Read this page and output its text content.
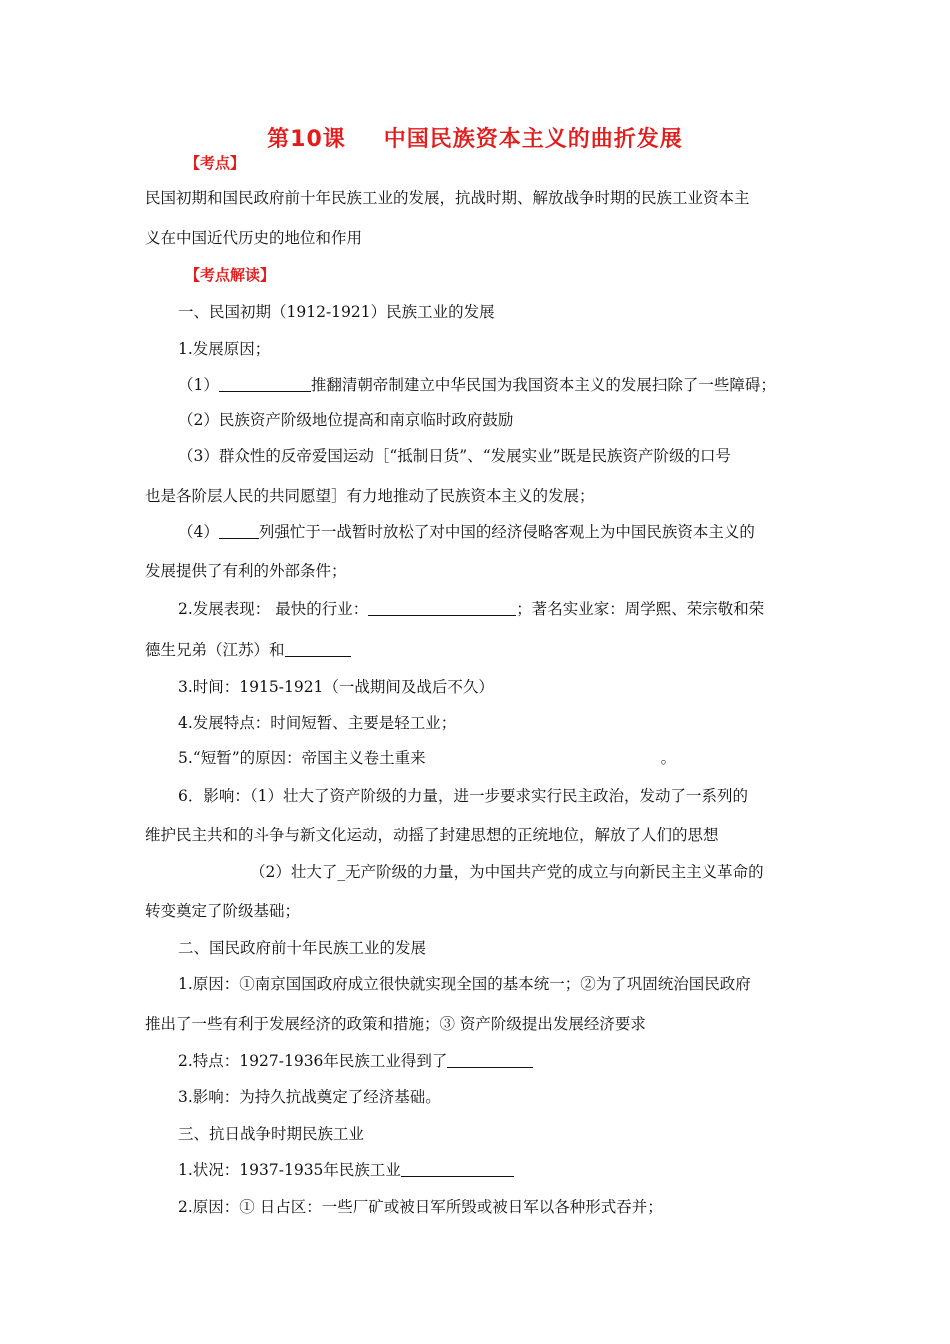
第10课 中国民族资本主义的曲折发展
【考点】
民国初期和国民政府前十年民族工业的发展，抗战时期、解放战争时期的民族工业资本主
义在中国近代历史的地位和作用
【考点解读】
一、民国初期（1912-1921）民族工业的发展
1.发展原因；
（1）	推翻清朝帝制建立中华民国为我国资本主义的发展扫除了一些障碍；
（2）民族资产阶级地位提高和南京临时政府鼓励
（3）群众性的反帝爱国运动［“抵制日货”、“发展实业”既是民族资产阶级的口号
也是各阶层人民的共同愿望］有力地推动了民族资本主义的发展；
（4）	列强忙于一战暂时放松了对中国的经济侵略客观上为中国民族资本主义的
发展提供了有利的外部条件；
2.发展表现： 最快的行业：	；著名实业家：周学熙、荣宗敬和荣
德生兄弟（江苏）和
3.时间：1915-1921（一战期间及战后不久）
4.发展特点：时间短暂、主要是轻工业；
5.“短暂”的原因：帝国主义卷土重来	。
6．影响：（1）壮大了资产阶级的力量，进一步要求实行民主政治，发动了一系列的
维护民主共和的斗争与新文化运动，动摇了封建思想的正统地位，解放了人们的思想
（2）壮大了_无产阶级的力量，为中国共产党的成立与向新民主主义革命的
转变奠定了阶级基础；
二、国民政府前十年民族工业的发展
1.原因：①南京国国政府成立很快就实现全国的基本统一；②为了巩固统治国民政府
推出了一些有利于发展经济的政策和措施；③ 资产阶级提出发展经济要求
2.特点：1927-1936年民族工业得到了
3.影响：为持久抗战奠定了经济基础。
三、抗日战争时期民族工业
1.状况：1937-1935年民族工业
2.原因：① 日占区：一些厂矿或被日军所毁或被日军以各种形式吞并；
